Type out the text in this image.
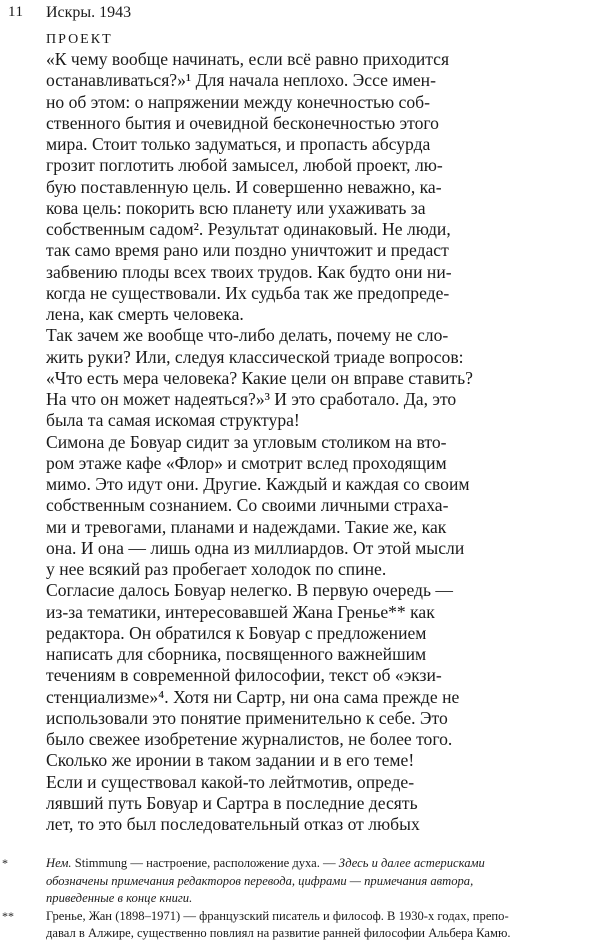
11 Искры. 1943
ПРОЕКТ
«К чему вообще начинать, если всё равно приходится
останавливаться?»¹ Для начала неплохо. Эссе имен-
но об этом: о напряжении между конечностью соб-
ственного бытия и очевидной бесконечностью этого
мира. Стоит только задуматься, и пропасть абсурда
грозит поглотить любой замысел, любой проект, лю-
бую поставленную цель. И совершенно неважно, ка-
кова цель: покорить всю планету или ухаживать за
собственным садом². Результат одинаковый. Не люди,
так само время рано или поздно уничтожит и предаст
забвению плоды всех твоих трудов. Как будто они ни-
когда не существовали. Их судьба так же предопреде-
лена, как смерть человека.
Так зачем же вообще что-либо делать, почему не сло-
жить руки? Или, следуя классической триаде вопросов:
«Что есть мера человека? Какие цели он вправе ставить?
На что он может надеяться?»³ И это сработало. Да, это
была та самая искомая структура!
Симона де Бовуар сидит за угловым столиком на вто-
ром этаже кафе «Флор» и смотрит вслед проходящим
мимо. Это идут они. Другие. Каждый и каждая со своим
собственным сознанием. Со своими личными страха-
ми и тревогами, планами и надеждами. Такие же, как
она. И она — лишь одна из миллиардов. От этой мысли
у нее всякий раз пробегает холодок по спине.
Согласие далось Бовуар нелегко. В первую очередь —
из-за тематики, интересовавшей Жана Гренье** как
редактора. Он обратился к Бовуар с предложением
написать для сборника, посвященного важнейшим
течениям в современной философии, текст об «экзи-
стенциализме»⁴. Хотя ни Сартр, ни она сама прежде не
использовали это понятие применительно к себе. Это
было свежее изобретение журналистов, не более того.
Сколько же иронии в таком задании и в его теме!
Если и существовал какой-то лейтмотив, опреде-
лявший путь Бовуар и Сартра в последние десять
лет, то это был последовательный отказ от любых
*	Нем. Stimmung — настроение, расположение духа. — Здесь и далее астерисками
обозначены примечания редакторов перевода, цифрами — примечания автора,
приведенные в конце книги.
**	Гренье, Жан (1898–1971) — французский писатель и философ. В 1930-х годах, препо-
давал в Алжире, существенно повлиял на развитие ранней философии Альбера Камю.
